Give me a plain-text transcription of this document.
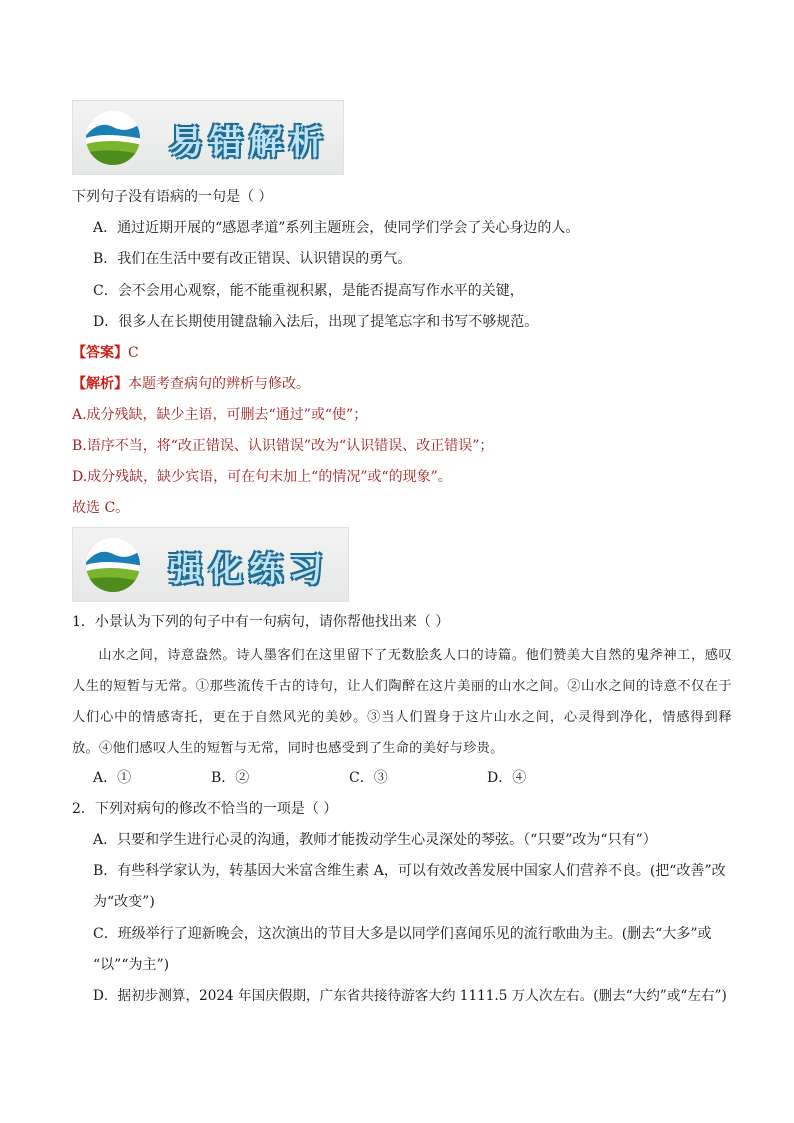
易错解析
下列句子没有语病的一句是（ ）
A．通过近期开展的“感恩孝道”系列主题班会，使同学们学会了关心身边的人。
B．我们在生活中要有改正错误、认识错误的勇气。
C．会不会用心观察，能不能重视积累，是能否提高写作水平的关键，
D．很多人在长期使用键盘输入法后，出现了提笔忘字和书写不够规范。
【答案】C
【解析】本题考查病句的辨析与修改。
A.成分残缺，缺少主语，可删去“通过”或“使”；
B.语序不当，将“改正错误、认识错误”改为“认识错误、改正错误”；
D.成分残缺，缺少宾语，可在句末加上“的情况”或“的现象”。
故选 C。
强化练习
1．小景认为下列的句子中有一句病句，请你帮他找出来（ ）
山水之间，诗意盎然。诗人墨客们在这里留下了无数脍炙人口的诗篇。他们赞美大自然的鬼斧神工，感叹人生的短暂与无常。①那些流传千古的诗句，让人们陶醉在这片美丽的山水之间。②山水之间的诗意不仅在于人们心中的情感寄托，更在于自然风光的美妙。③当人们置身于这片山水之间，心灵得到净化，情感得到释放。④他们感叹人生的短暂与无常，同时也感受到了生命的美好与珍贵。
A．①	B．②	C．③	D．④
2．下列对病句的修改不恰当的一项是（ ）
A．只要和学生进行心灵的沟通，教师才能拨动学生心灵深处的琴弦。（“只要”改为“只有”）
B．有些科学家认为，转基因大米富含维生素 A，可以有效改善发展中国家人们营养不良。(把“改善”改
为“改变”)
C．班级举行了迎新晚会，这次演出的节目大多是以同学们喜闻乐见的流行歌曲为主。(删去“大多”或
“以”“为主”)
D．据初步测算，2024 年国庆假期，广东省共接待游客大约 1111.5 万人次左右。(删去“大约”或“左右”)
